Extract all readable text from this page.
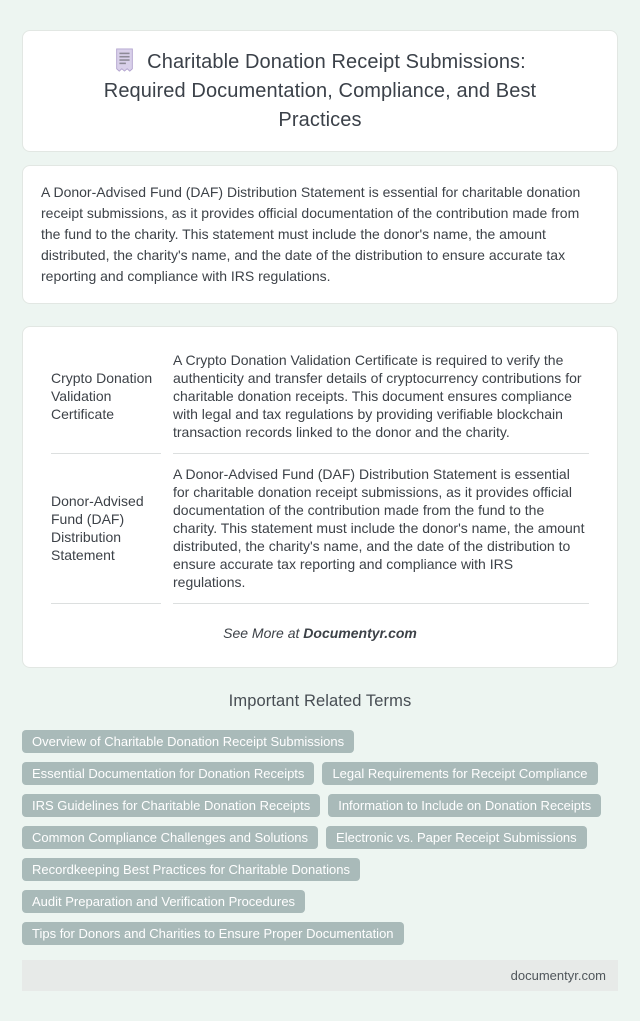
Charitable Donation Receipt Submissions: Required Documentation, Compliance, and Best Practices

A Donor-Advised Fund (DAF) Distribution Statement is essential for charitable donation receipt submissions, as it provides official documentation of the contribution made from the fund to the charity. This statement must include the donor's name, the amount distributed, the charity's name, and the date of the distribution to ensure accurate tax reporting and compliance with IRS regulations.

Crypto Donation Validation Certificate	A Crypto Donation Validation Certificate is required to verify the authenticity and transfer details of cryptocurrency contributions for charitable donation receipts. This document ensures compliance with legal and tax regulations by providing verifiable blockchain transaction records linked to the donor and the charity.
Donor-Advised Fund (DAF) Distribution Statement	A Donor-Advised Fund (DAF) Distribution Statement is essential for charitable donation receipt submissions, as it provides official documentation of the contribution made from the fund to the charity. This statement must include the donor's name, the amount distributed, the charity's name, and the date of the distribution to ensure accurate tax reporting and compliance with IRS regulations.

See More at Documentyr.com

Important Related Terms
Overview of Charitable Donation Receipt Submissions
Essential Documentation for Donation Receipts	Legal Requirements for Receipt Compliance
IRS Guidelines for Charitable Donation Receipts	Information to Include on Donation Receipts
Common Compliance Challenges and Solutions	Electronic vs. Paper Receipt Submissions
Recordkeeping Best Practices for Charitable Donations
Audit Preparation and Verification Procedures
Tips for Donors and Charities to Ensure Proper Documentation
documentyr.com
